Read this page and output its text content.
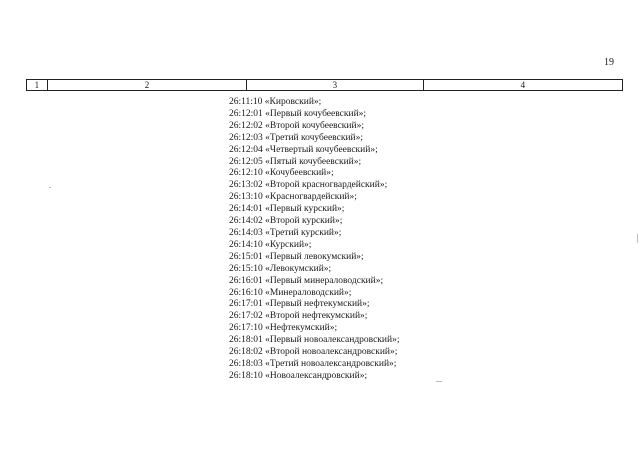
19
1	2	3	4
26:11:10 «Кировский»;
26:12:01 «Первый кочубеевский»;
26:12:02 «Второй кочубеевский»;
26:12:03 «Третий кочубеевский»;
26:12:04 «Четвертый кочубеевский»;
26:12:05 «Пятый кочубеевский»;
26:12:10 «Кочубеевский»;
26:13:02 «Второй красногвардейский»;
26:13:10 «Красногвардейский»;
26:14:01 «Первый курский»;
26:14:02 «Второй курский»;
26:14:03 «Третий курский»;
26:14:10 «Курский»;
26:15:01 «Первый левокумский»;
26:15:10 «Левокумский»;
26:16:01 «Первый минераловодский»;
26:16:10 «Минераловодский»;
26:17:01 «Первый нефтекумский»;
26:17:02 «Второй нефтекумский»;
26:17:10 «Нефтекумский»;
26:18:01 «Первый новоалександровский»;
26:18:02 «Второй новоалександровский»;
26:18:03 «Третий новоалександровский»;
26:18:10 «Новоалександровский»;
